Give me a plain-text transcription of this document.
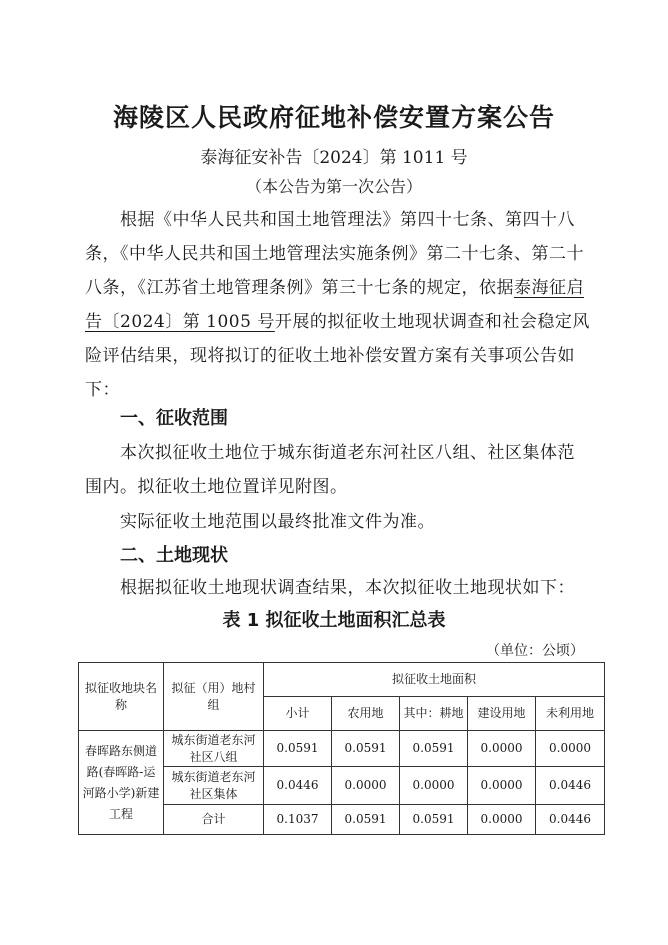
海陵区人民政府征地补偿安置方案公告
泰海征安补告〔2024〕第 1011 号
（本公告为第一次公告）
根据《中华人民共和国土地管理法》第四十七条、第四十八条，《中华人民共和国土地管理法实施条例》第二十七条、第二十八条，《江苏省土地管理条例》第三十七条的规定，依据泰海征启告〔2024〕第 1005 号开展的拟征收土地现状调查和社会稳定风险评估结果，现将拟订的征收土地补偿安置方案有关事项公告如下：
一、征收范围
本次拟征收土地位于城东街道老东河社区八组、社区集体范围内。拟征收土地位置详见附图。
实际征收土地范围以最终批准文件为准。
二、土地现状
根据拟征收土地现状调查结果，本次拟征收土地现状如下：
表 1 拟征收土地面积汇总表
（单位：公顷）
拟征收地块名称	拟征（用）地村组	拟征收土地面积				
		小计	农用地	其中：耕地	建设用地	未利用地
春晖路东侧道路(春晖路-运河路小学)新建工程	城东街道老东河社区八组	0.0591	0.0591	0.0591	0.0000	0.0000
	城东街道老东河社区集体	0.0446	0.0000	0.0000	0.0000	0.0446
	合计	0.1037	0.0591	0.0591	0.0000	0.0446
